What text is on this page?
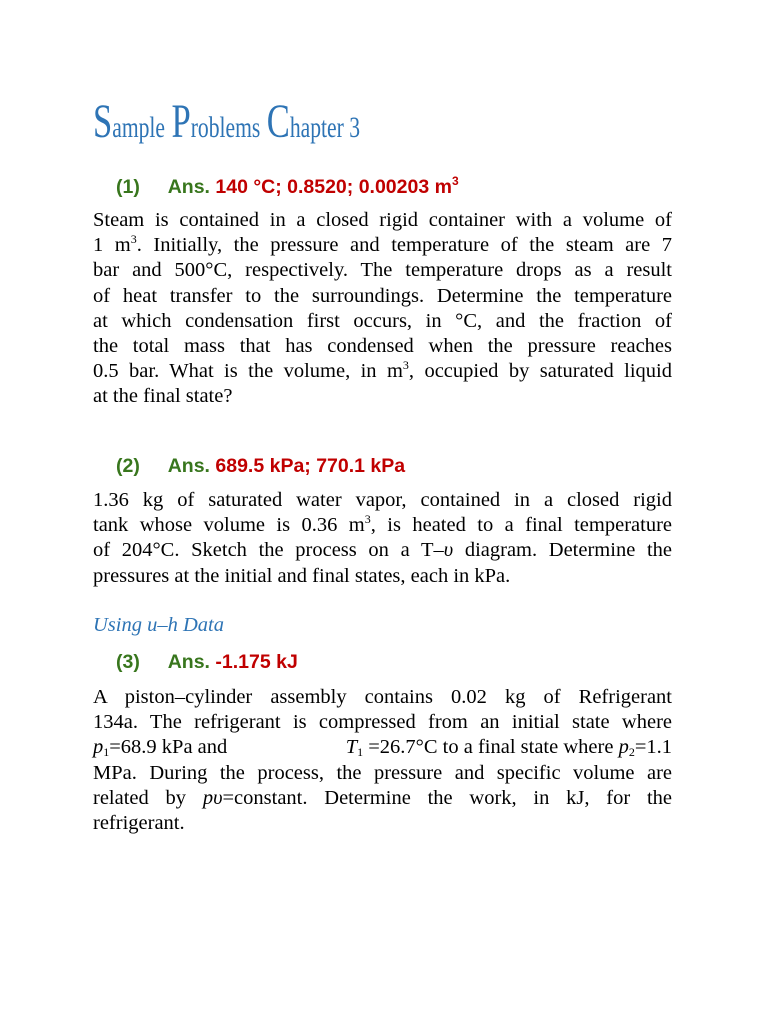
Sample Problems Chapter 3
(1) Ans. 140 °C; 0.8520; 0.00203 $m^3$
Steam is contained in a closed rigid container with a volume of
1 $m^3$. Initially, the pressure and temperature of the steam are 7
bar and 500°C, respectively. The temperature drops as a result
of heat transfer to the surroundings. Determine the temperature
at which condensation first occurs, in °C, and the fraction of
the total mass that has condensed when the pressure reaches
0.5 bar. What is the volume, in $m^3$, occupied by saturated liquid
at the final state?
(2) Ans. 689.5 kPa; 770.1 kPa
1.36 kg of saturated water vapor, contained in a closed rigid
tank whose volume is 0.36 $m^3$, is heated to a final temperature
of 204°C. Sketch the process on a T–υ diagram. Determine the
pressures at the initial and final states, each in kPa.
Using u–h Data
(3) Ans. -1.175 kJ
A piston–cylinder assembly contains 0.02 kg of Refrigerant
134a. The refrigerant is compressed from an initial state where
$p_1=68.9$ kPa and	$T_1 =26.7^\circ C$ to a final state where $p_2=1.1$
MPa. During the process, the pressure and specific volume are
related by pυ=constant. Determine the work, in kJ, for the
refrigerant.
